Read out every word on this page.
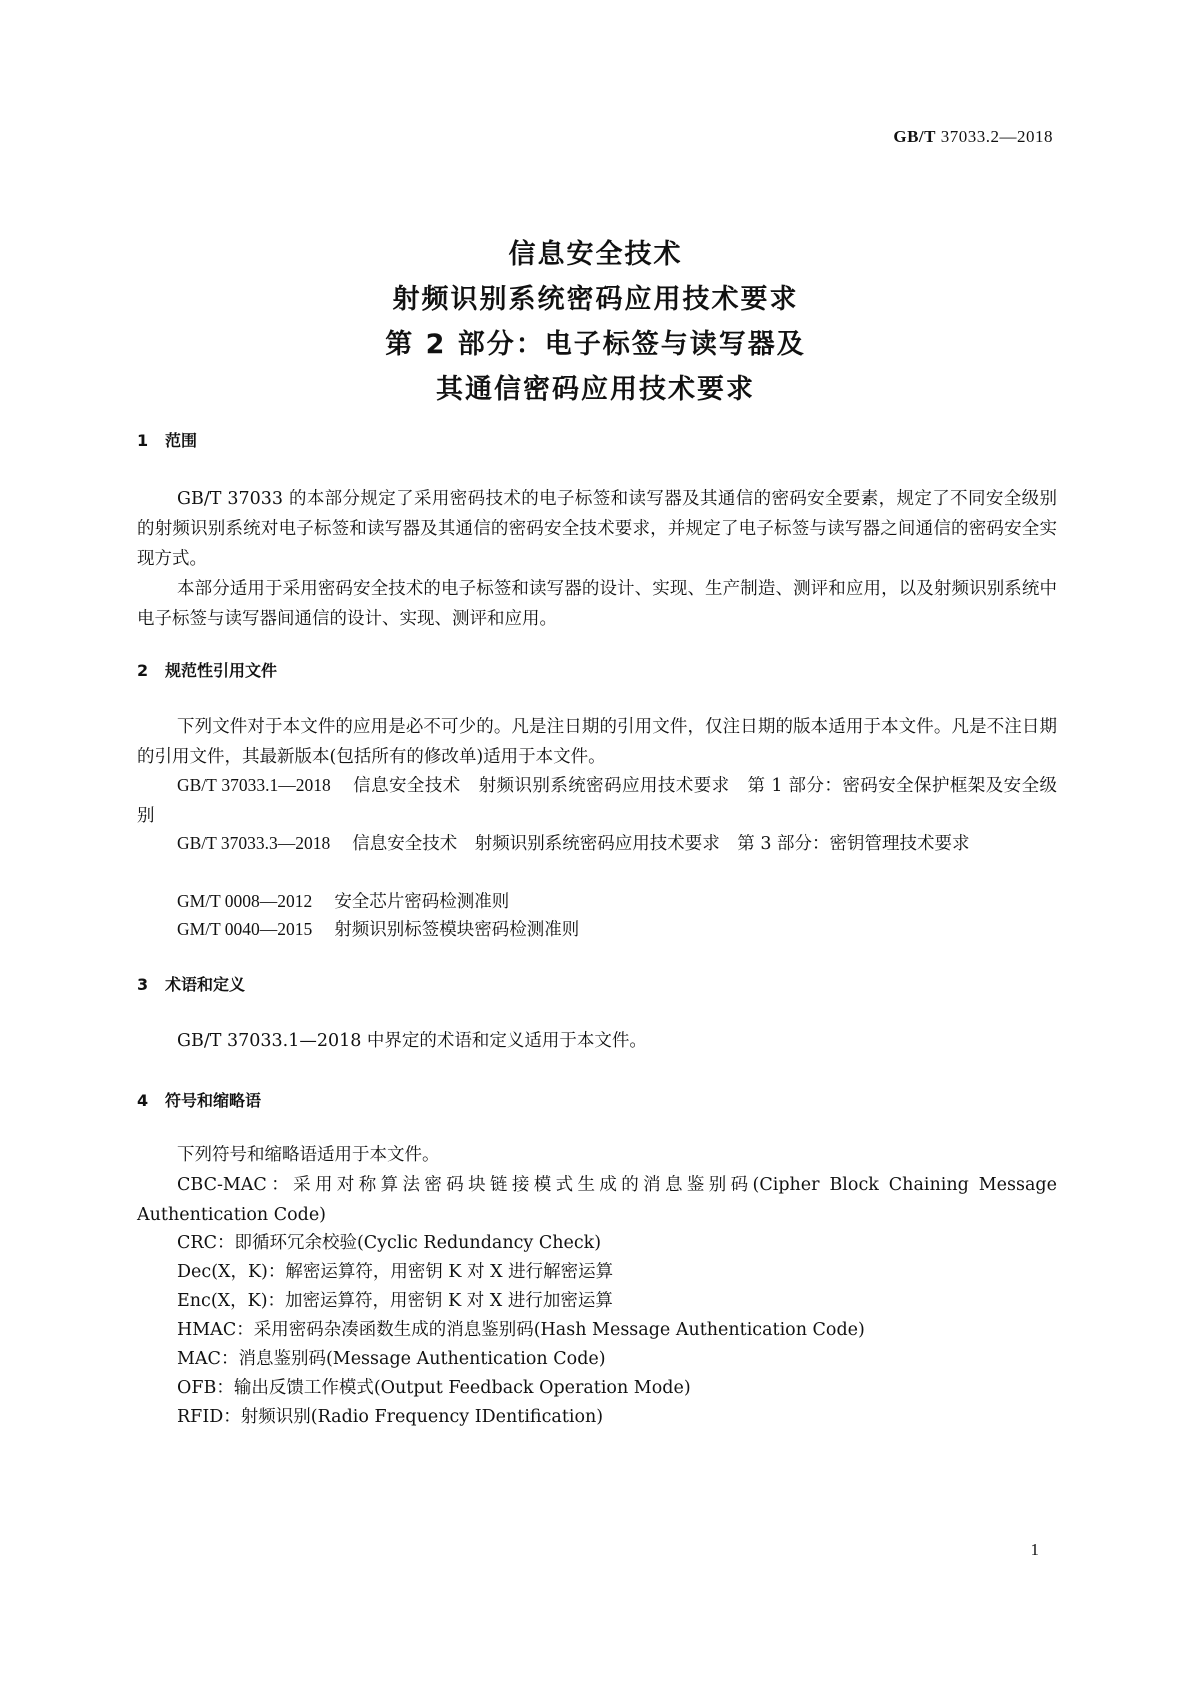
GB/T 37033.2—2018
信息安全技术
射频识别系统密码应用技术要求
第 2 部分：电子标签与读写器及
其通信密码应用技术要求
1 范围
GB/T 37033 的本部分规定了采用密码技术的电子标签和读写器及其通信的密码安全要素，规定了不同安全级别的射频识别系统对电子标签和读写器及其通信的密码安全技术要求，并规定了电子标签与读写器之间通信的密码安全实现方式。
本部分适用于采用密码安全技术的电子标签和读写器的设计、实现、生产制造、测评和应用，以及射频识别系统中电子标签与读写器间通信的设计、实现、测评和应用。
2 规范性引用文件
下列文件对于本文件的应用是必不可少的。凡是注日期的引用文件，仅注日期的版本适用于本文件。凡是不注日期的引用文件，其最新版本(包括所有的修改单)适用于本文件。
GB/T 37033.1—2018 信息安全技术　射频识别系统密码应用技术要求　第 1 部分：密码安全保护框架及安全级别
GB/T 37033.3—2018 信息安全技术　射频识别系统密码应用技术要求　第 3 部分：密钥管理技术要求
GM/T 0008—2012 安全芯片密码检测准则
GM/T 0040—2015 射频识别标签模块密码检测准则
3 术语和定义
GB/T 37033.1—2018 中界定的术语和定义适用于本文件。
4 符号和缩略语
下列符号和缩略语适用于本文件。
CBC-MAC：采用对称算法密码块链接模式生成的消息鉴别码(Cipher Block Chaining Message Authentication Code)
CRC：即循环冗余校验(Cyclic Redundancy Check)
Dec(X，K)：解密运算符，用密钥 K 对 X 进行解密运算
Enc(X，K)：加密运算符，用密钥 K 对 X 进行加密运算
HMAC：采用密码杂凑函数生成的消息鉴别码(Hash Message Authentication Code)
MAC：消息鉴别码(Message Authentication Code)
OFB：输出反馈工作模式(Output Feedback Operation Mode)
RFID：射频识别(Radio Frequency IDentification)
1
